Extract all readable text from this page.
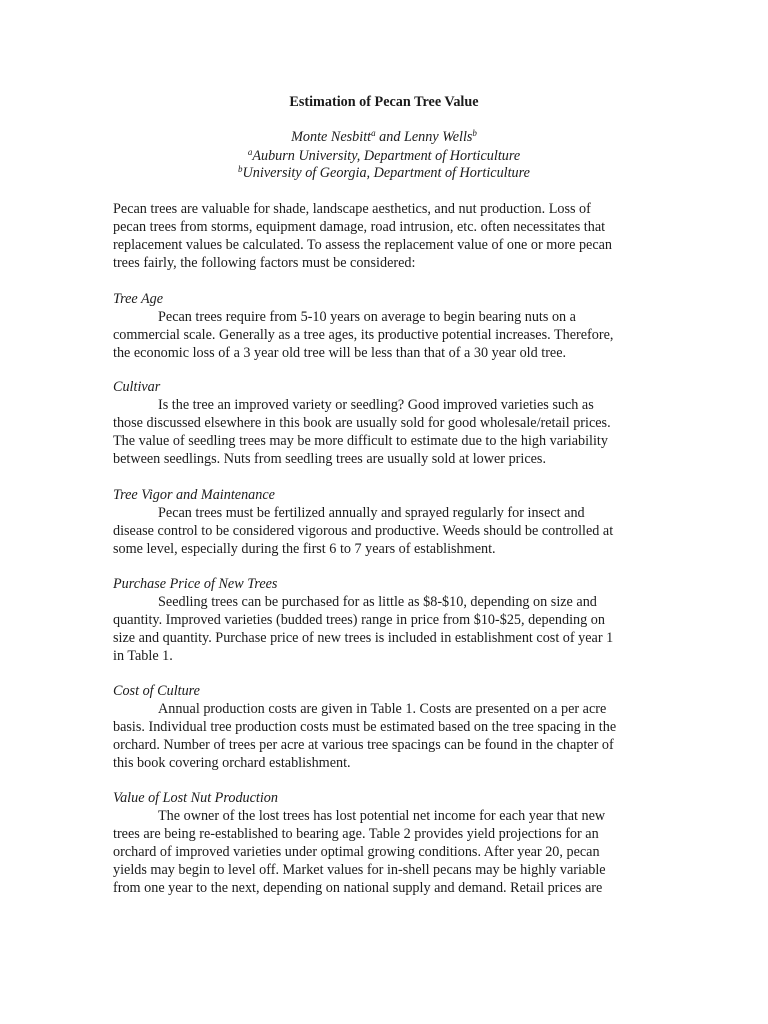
Estimation of Pecan Tree Value
Monte Nesbitt$^a$ and Lenny Wells$^b$
$^a$Auburn University, Department of Horticulture
$^b$University of Georgia, Department of Horticulture
Pecan trees are valuable for shade, landscape aesthetics, and nut production. Loss of
pecan trees from storms, equipment damage, road intrusion, etc. often necessitates that
replacement values be calculated. To assess the replacement value of one or more pecan
trees fairly, the following factors must be considered:
Tree Age
Pecan trees require from 5-10 years on average to begin bearing nuts on a
commercial scale. Generally as a tree ages, its productive potential increases. Therefore,
the economic loss of a 3 year old tree will be less than that of a 30 year old tree.
Cultivar
Is the tree an improved variety or seedling? Good improved varieties such as
those discussed elsewhere in this book are usually sold for good wholesale/retail prices.
The value of seedling trees may be more difficult to estimate due to the high variability
between seedlings. Nuts from seedling trees are usually sold at lower prices.
Tree Vigor and Maintenance
Pecan trees must be fertilized annually and sprayed regularly for insect and
disease control to be considered vigorous and productive. Weeds should be controlled at
some level, especially during the first 6 to 7 years of establishment.
Purchase Price of New Trees
Seedling trees can be purchased for as little as $8-$10, depending on size and
quantity. Improved varieties (budded trees) range in price from $10-$25, depending on
size and quantity. Purchase price of new trees is included in establishment cost of year 1
in Table 1.
Cost of Culture
Annual production costs are given in Table 1. Costs are presented on a per acre
basis. Individual tree production costs must be estimated based on the tree spacing in the
orchard. Number of trees per acre at various tree spacings can be found in the chapter of
this book covering orchard establishment.
Value of Lost Nut Production
The owner of the lost trees has lost potential net income for each year that new
trees are being re-established to bearing age. Table 2 provides yield projections for an
orchard of improved varieties under optimal growing conditions. After year 20, pecan
yields may begin to level off. Market values for in-shell pecans may be highly variable
from one year to the next, depending on national supply and demand. Retail prices are
